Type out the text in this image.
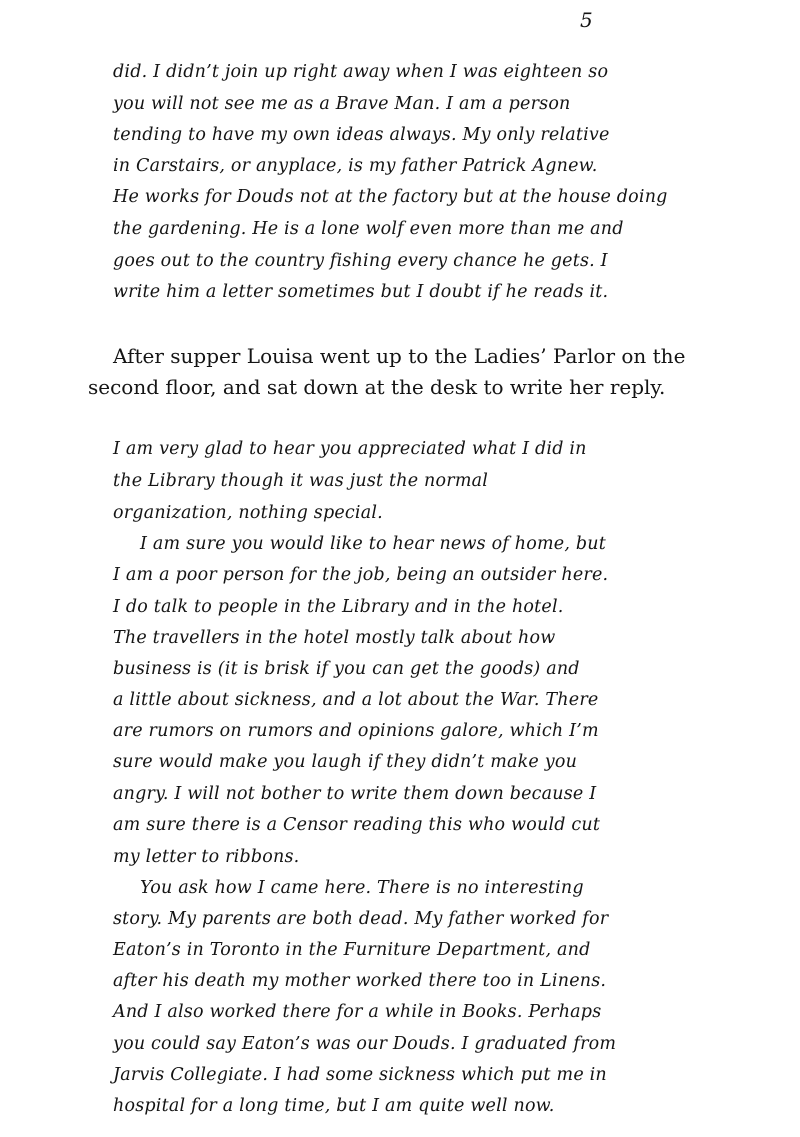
5
did. I didn’t join up right away when I was eighteen so
you will not see me as a Brave Man. I am a person
tending to have my own ideas always. My only relative
in Carstairs, or anyplace, is my father Patrick Agnew.
He works for Douds not at the factory but at the house doing
the gardening. He is a lone wolf even more than me and
goes out to the country fishing every chance he gets. I
write him a letter sometimes but I doubt if he reads it.
After supper Louisa went up to the Ladies’ Parlor on the
second floor, and sat down at the desk to write her reply.
I am very glad to hear you appreciated what I did in
the Library though it was just the normal
organization, nothing special.
I am sure you would like to hear news of home, but
I am a poor person for the job, being an outsider here.
I do talk to people in the Library and in the hotel.
The travellers in the hotel mostly talk about how
business is (it is brisk if you can get the goods) and
a little about sickness, and a lot about the War. There
are rumors on rumors and opinions galore, which I’m
sure would make you laugh if they didn’t make you
angry. I will not bother to write them down because I
am sure there is a Censor reading this who would cut
my letter to ribbons.
You ask how I came here. There is no interesting
story. My parents are both dead. My father worked for
Eaton’s in Toronto in the Furniture Department, and
after his death my mother worked there too in Linens.
And I also worked there for a while in Books. Perhaps
you could say Eaton’s was our Douds. I graduated from
Jarvis Collegiate. I had some sickness which put me in
hospital for a long time, but I am quite well now.
